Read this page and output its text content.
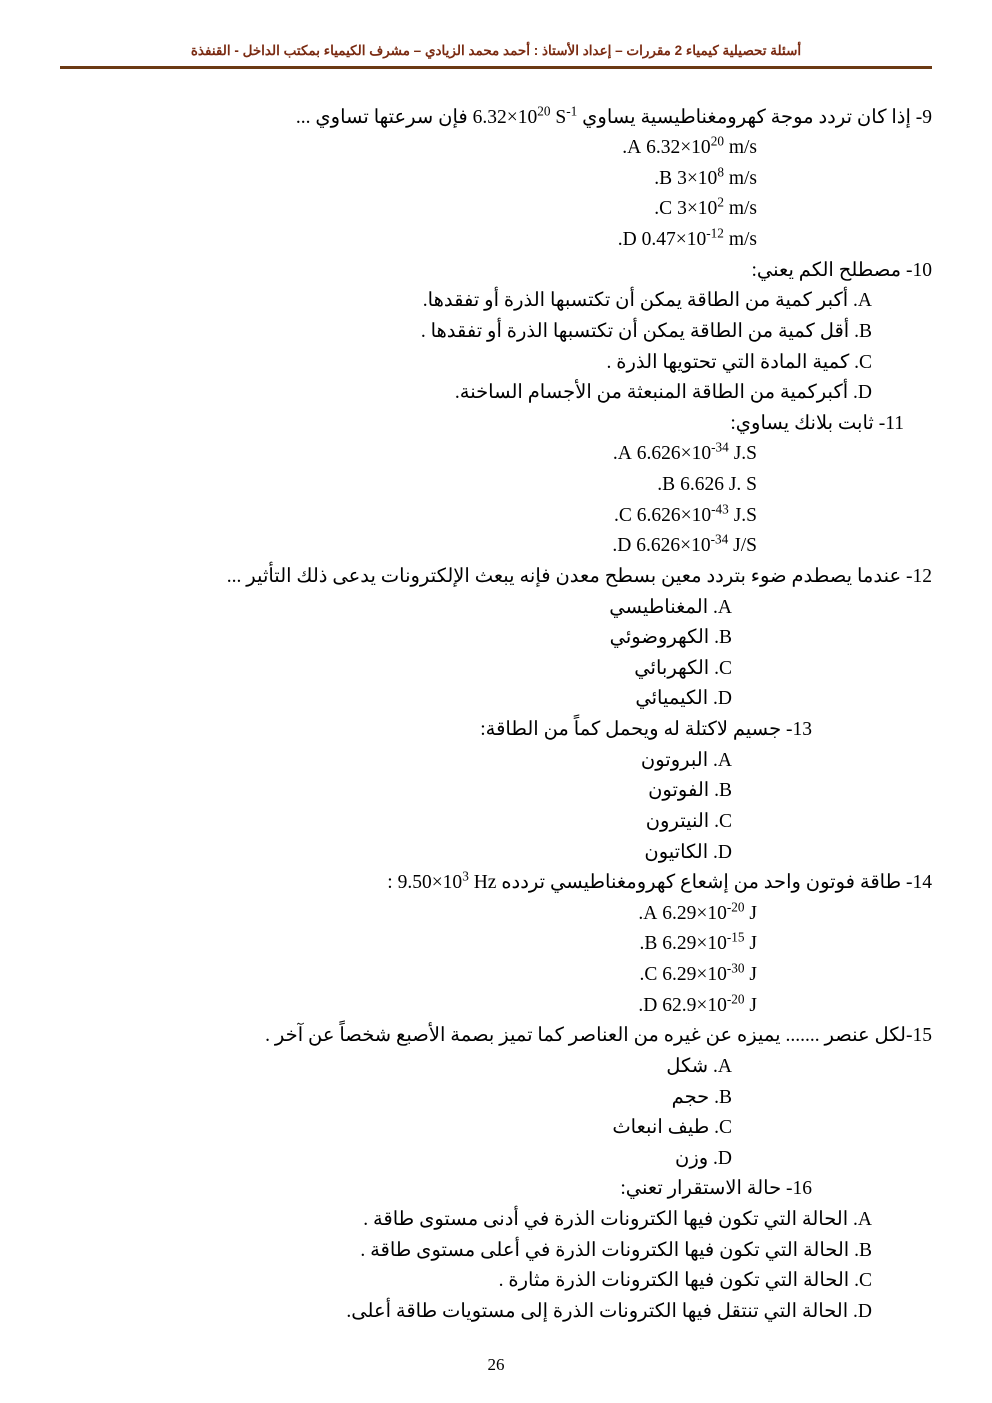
أسئلة تحصيلية كيمياء 2 مقررات – إعداد الأستاذ : أحمد محمد الزيادي – مشرف الكيمياء بمكتب الداخل - القنفذة
9- إذا كان تردد موجة كهرومغناطيسية يساوي $6.32\times 10^{20}$ $S^{-1}$ فإن سرعتها تساوي ...
$6.32\times 10^{20}$ m/s A.
$3\times 10^8$ m/s B.
$3\times 10^2$ m/s C.
$0.47\times 10^{-12}$ m/s D.
10- مصطلح الكم يعني:
A. أكبر كمية من الطاقة يمكن أن تكتسبها الذرة أو تفقدها.
B. أقل كمية من الطاقة يمكن أن تكتسبها الذرة أو تفقدها .
C. كمية المادة التي تحتويها الذرة .
D. أكبركمية من الطاقة المنبعثة من الأجسام الساخنة.
11- ثابت بلانك يساوي:
$6.626\times 10^{-34}$ J.S A.
6.626 J. S B.
$6.626\times 10^{-43}$ J.S C.
$6.626\times 10^{-34}$ J/S D.
12- عندما يصطدم ضوء بتردد معين بسطح معدن فإنه يبعث الإلكترونات يدعى ذلك التأثير ...
A. المغناطيسي
B. الكهروضوئي
C. الكهربائي
D. الكيميائي
13- جسيم لاكتلة له ويحمل كماً من الطاقة:
A. البروتون
B. الفوتون
C. النيترون
D. الكاتيون
14- طاقة فوتون واحد من إشعاع كهرومغناطيسي تردده $9.50\times 10^3$ Hz :
$6.29\times 10^{-20}$ J A.
$6.29\times 10^{-15}$ J B.
$6.29\times 10^{-30}$ J C.
$62.9\times 10^{-20}$ J D.
15-لكل عنصر ....... يميزه عن غيره من العناصر كما تميز بصمة الأصبع شخصاً عن آخر .
A. شكل
B. حجم
C. طيف انبعاث
D. وزن
16- حالة الاستقرار تعني:
A. الحالة التي تكون فيها الكترونات الذرة في أدنى مستوى طاقة .
B. الحالة التي تكون فيها الكترونات الذرة في أعلى مستوى طاقة .
C. الحالة التي تكون فيها الكترونات الذرة مثارة .
D. الحالة التي تنتقل فيها الكترونات الذرة إلى مستويات طاقة أعلى.
26
